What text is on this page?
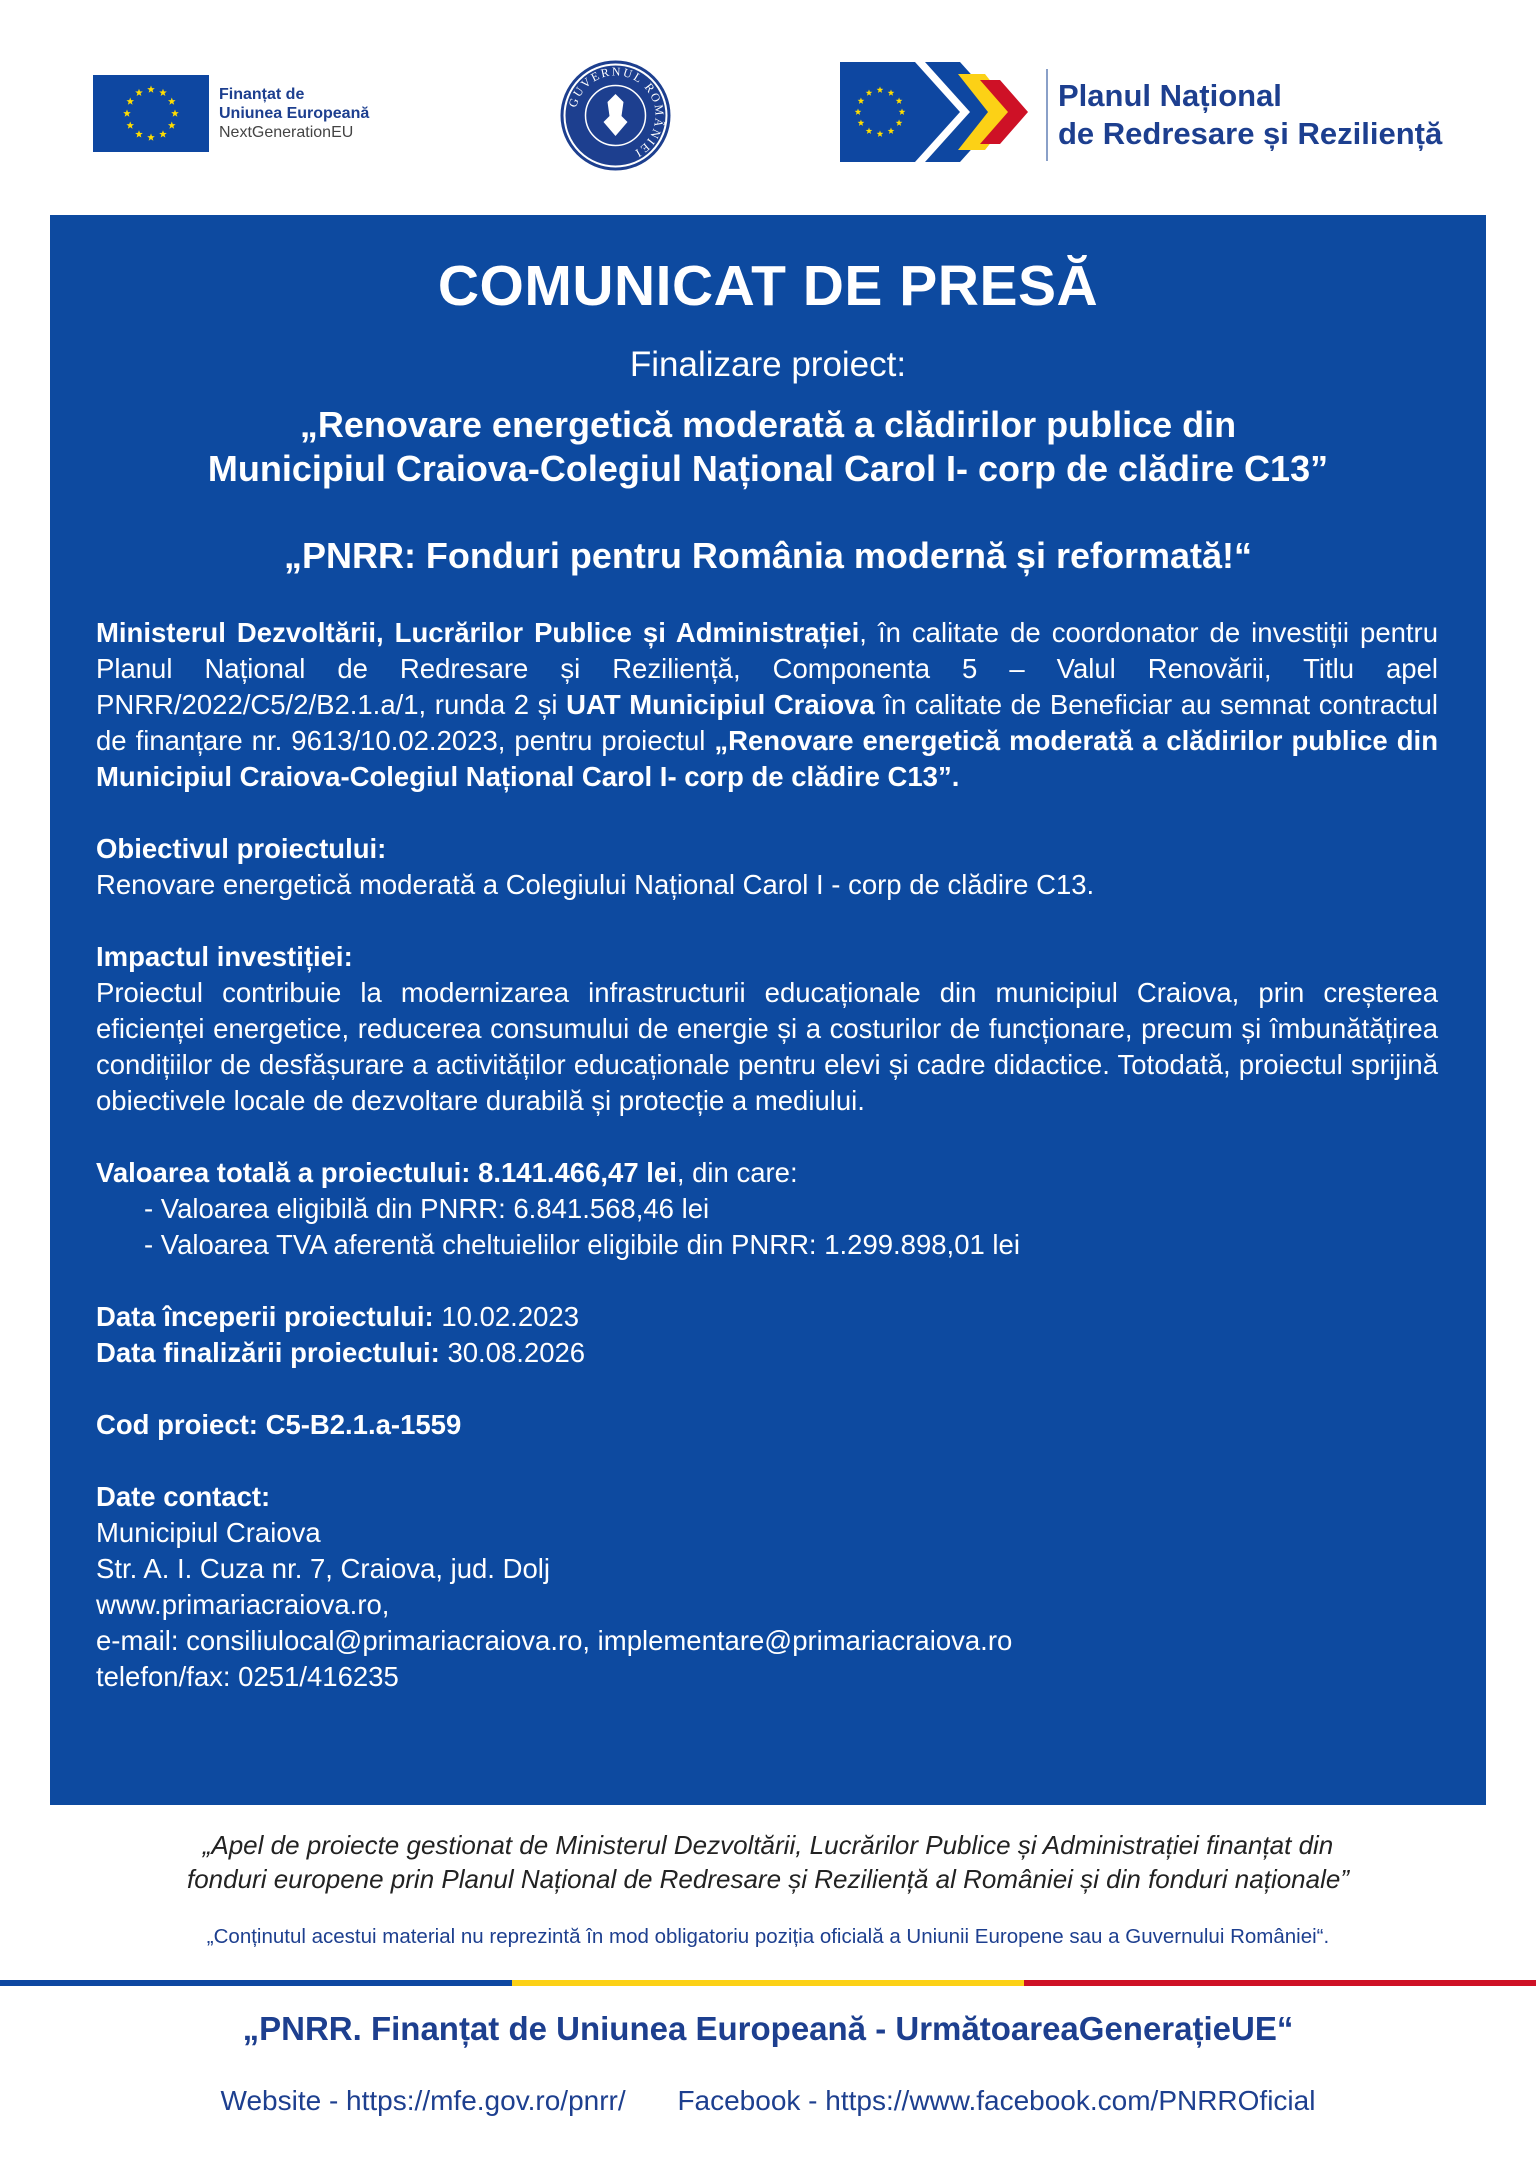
Finanțat de
Uniunea Europeană
NextGenerationEU
GUVERNUL ROMÂNIEI
Planul Național
de Redresare și Reziliență
COMUNICAT DE PRESĂ
Finalizare proiect:
„Renovare energetică moderată a clădirilor publice din
Municipiul Craiova-Colegiul Național Carol I- corp de clădire C13”
„PNRR: Fonduri pentru România modernă și reformată!“

Ministerul Dezvoltării, Lucrărilor Publice și Administrației, în calitate de coordonator de investiții pentru Planul Național de Redresare și Reziliență, Componenta 5 – Valul Renovării, Titlu apel PNRR/2022/C5/2/B2.1.a/1, runda 2 și UAT Municipiul Craiova în calitate de Beneficiar au semnat contractul de finanțare nr. 9613/10.02.2023, pentru proiectul „Renovare energetică moderată a clădirilor publice din Municipiul Craiova-Colegiul Național Carol I- corp de clădire C13”.

Obiectivul proiectului:
Renovare energetică moderată a Colegiului Național Carol I - corp de clădire C13.
Impactul investiției:
Proiectul contribuie la modernizarea infrastructurii educaționale din municipiul Craiova, prin creșterea eficienței energetice, reducerea consumului de energie și a costurilor de funcționare, precum și îmbunătățirea condițiilor de desfășurare a activităților educaționale pentru elevi și cadre didactice. Totodată, proiectul sprijină obiectivele locale de dezvoltare durabilă și protecție a mediului.
Valoarea totală a proiectului: 8.141.466,47 lei, din care:
- Valoarea eligibilă din PNRR: 6.841.568,46 lei
- Valoarea TVA aferentă cheltuielilor eligibile din PNRR: 1.299.898,01 lei
Data începerii proiectului: 10.02.2023
Data finalizării proiectului: 30.08.2026
Cod proiect: C5-B2.1.a-1559
Date contact:
Municipiul Craiova
Str. A. I. Cuza nr. 7, Craiova, jud. Dolj
www.primariacraiova.ro,
e-mail: consiliulocal@primariacraiova.ro, implementare@primariacraiova.ro
telefon/fax: 0251/416235
„Apel de proiecte gestionat de Ministerul Dezvoltării, Lucrărilor Publice și Administrației finanțat din
fonduri europene prin Planul Național de Redresare și Reziliență al României și din fonduri naționale”
„Conținutul acestui material nu reprezintă în mod obligatoriu poziția oficială a Uniunii Europene sau a Guvernului României“.
„PNRR. Finanțat de Uniunea Europeană - UrmătoareaGenerațieUE“
Website - https://mfe.gov.ro/pnrr/ Facebook - https://www.facebook.com/PNRROficial
